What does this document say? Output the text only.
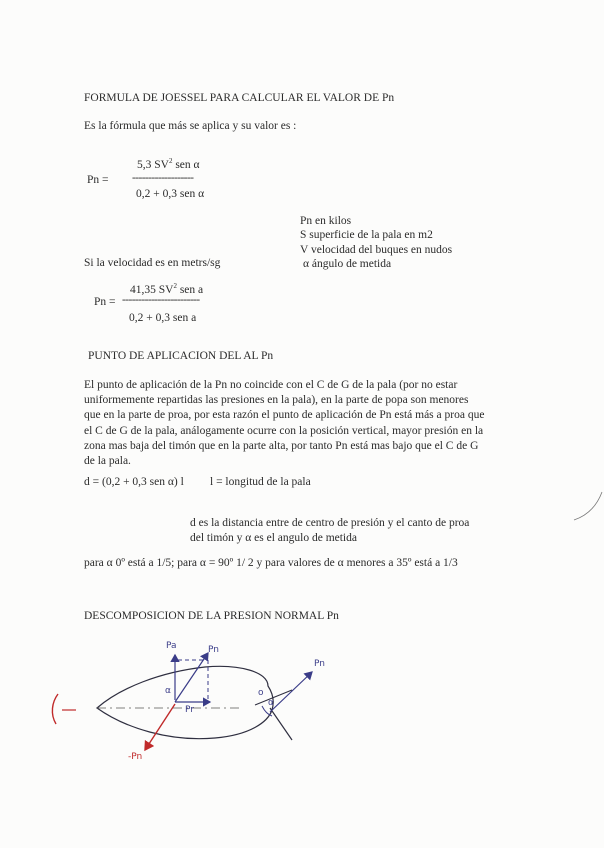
FORMULA DE JOESSEL PARA CALCULAR EL VALOR DE Pn
Es la fórmula que más se aplica y su valor es :
5,3 $SV^2$ sen α
Pn = -------------------
0,2 + 0,3 sen α
Pn en kilos
S superficie de la pala en m2
V velocidad del buques en nudos
α ángulo de metida
Si la velocidad es en metrs/sg
41,35 $SV^2$ sen a
Pn = ------------------------
0,2 + 0,3 sen a
PUNTO DE APLICACION DEL AL Pn
El punto de aplicación de la Pn no coincide con el C de G de la pala (por no estar
uniformemente repartidas las presiones en la pala), en la parte de popa son menores
que en la parte de proa, por esta razón el punto de aplicación de Pn está más a proa que
el C de G de la pala, análogamente ocurre con la posición vertical, mayor presión en la
zona mas baja del timón que en la parte alta, por tanto Pn está mas bajo que el C de G
de la pala.
d = (0,2 + 0,3 sen α) l l = longitud de la pala
d es la distancia entre de centro de presión y el canto de proa
del timón y α es el angulo de metida
para α 0º está a 1/5; para α = 90º 1/ 2 y para valores de α menores a 35º está a 1/3
DESCOMPOSICION DE LA PRESION NORMAL Pn
Pa	Pn
Pn
Pr
α	o
α
-Pn
